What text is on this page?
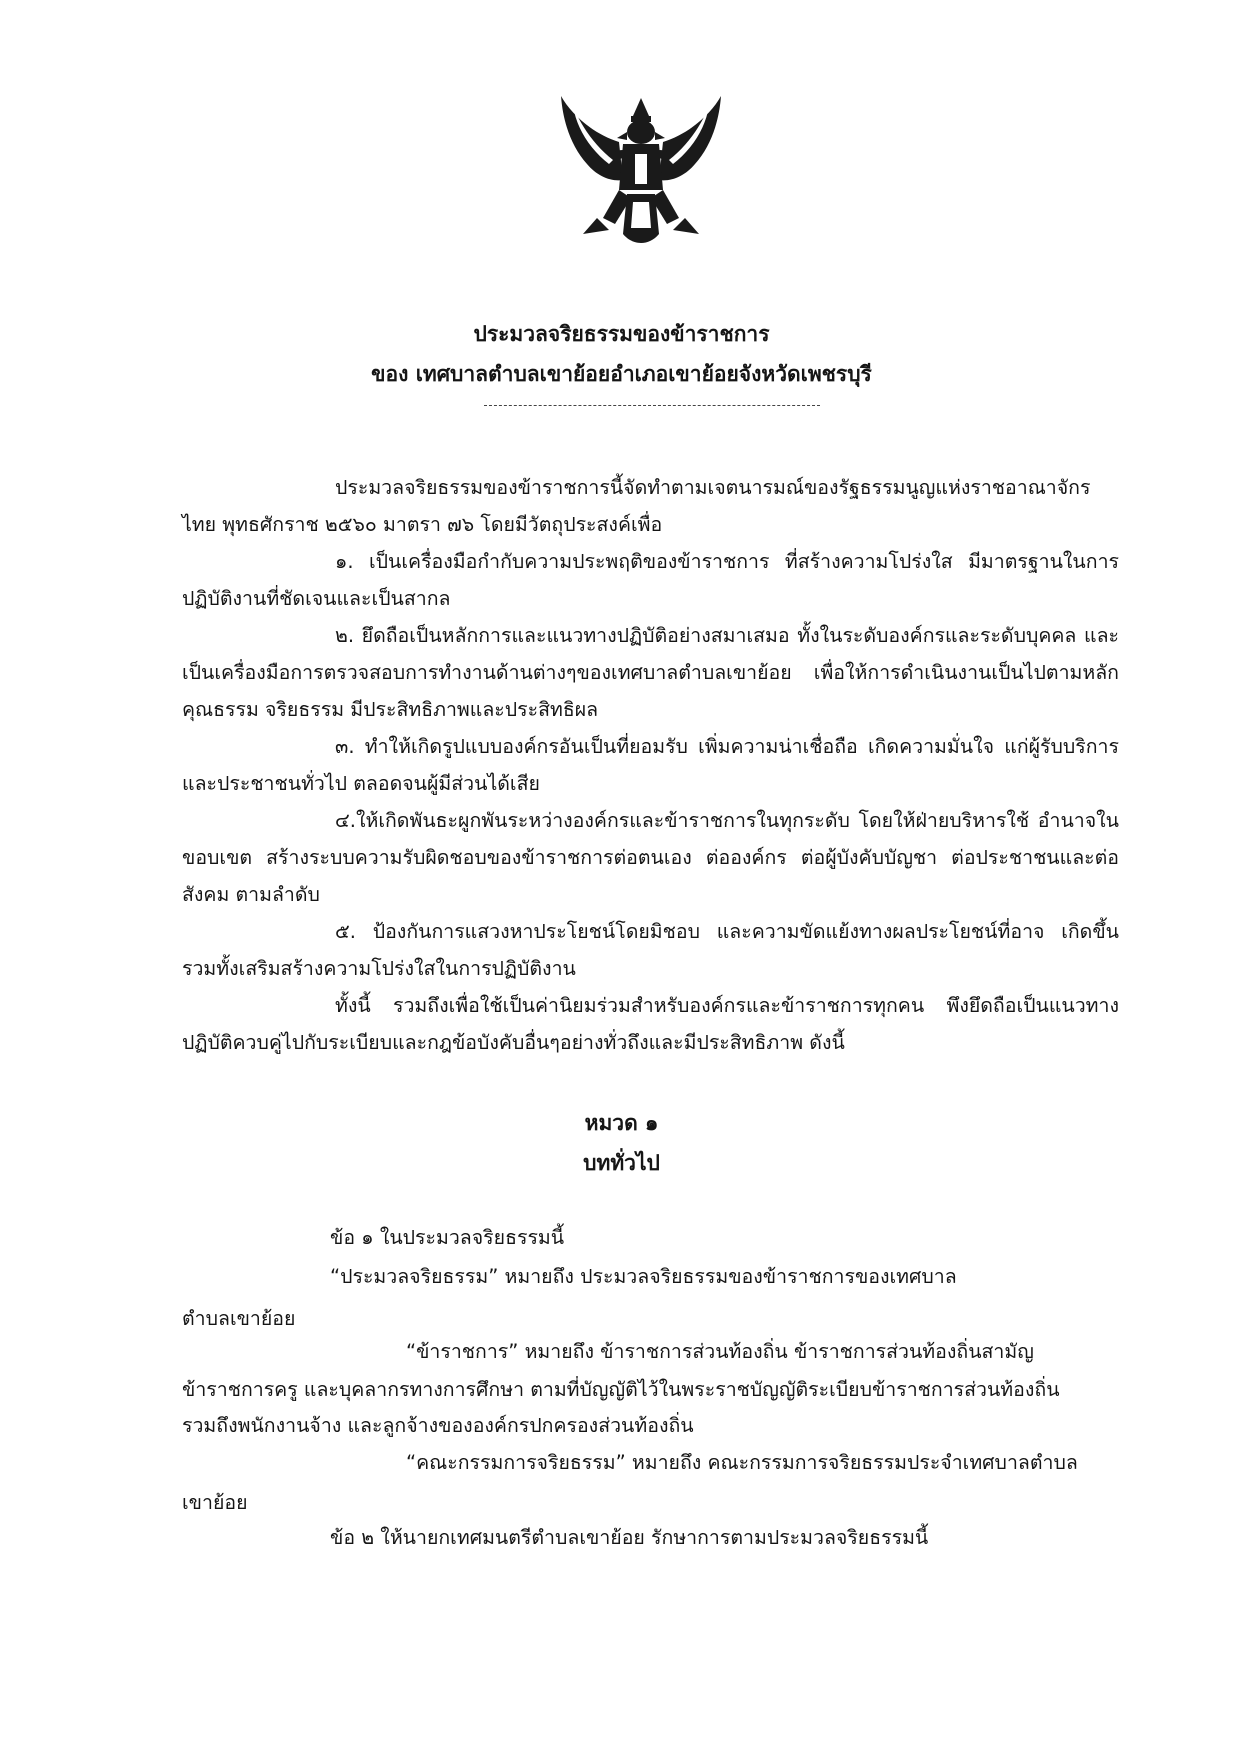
ประมวลจริยธรรมของข้าราชการ
ของ เทศบาลตำบลเขาย้อยอำเภอเขาย้อยจังหวัดเพชรบุรี

ประมวลจริยธรรมของข้าราชการนี้จัดทำตามเจตนารมณ์ของรัฐธรรมนูญแห่งราชอาณาจักรไทย พุทธศักราช ๒๕๖๐ มาตรา ๗๖ โดยมีวัตถุประสงค์เพื่อ

๑. เป็นเครื่องมือกำกับความประพฤติของข้าราชการ ที่สร้างความโปร่งใส มีมาตรฐานในการปฏิบัติงานที่ชัดเจนและเป็นสากล

๒. ยึดถือเป็นหลักการและแนวทางปฏิบัติอย่างสมาเสมอ ทั้งในระดับองค์กรและระดับบุคคล และเป็นเครื่องมือการตรวจสอบการทำงานด้านต่างๆของเทศบาลตำบลเขาย้อย เพื่อให้การดำเนินงานเป็นไปตามหลักคุณธรรม จริยธรรม มีประสิทธิภาพและประสิทธิผล

๓. ทำให้เกิดรูปแบบองค์กรอันเป็นที่ยอมรับ เพิ่มความน่าเชื่อถือ เกิดความมั่นใจ แก่ผู้รับบริการและประชาชนทั่วไป ตลอดจนผู้มีส่วนได้เสีย

๔.ให้เกิดพันธะผูกพันระหว่างองค์กรและข้าราชการในทุกระดับ โดยให้ฝ่ายบริหารใช้ อำนาจในขอบเขต สร้างระบบความรับผิดชอบของข้าราชการต่อตนเอง ต่อองค์กร ต่อผู้บังคับบัญชา ต่อประชาชนและต่อสังคม ตามลำดับ

๕. ป้องกันการแสวงหาประโยชน์โดยมิชอบ และความขัดแย้งทางผลประโยชน์ที่อาจ เกิดขึ้นรวมทั้งเสริมสร้างความโปร่งใสในการปฏิบัติงาน

ทั้งนี้ รวมถึงเพื่อใช้เป็นค่านิยมร่วมสำหรับองค์กรและข้าราชการทุกคน พึงยึดถือเป็นแนวทางปฏิบัติควบคู่ไปกับระเบียบและกฎข้อบังคับอื่นๆอย่างทั่วถึงและมีประสิทธิภาพ ดังนี้

หมวด ๑
บททั่วไป

ข้อ ๑ ในประมวลจริยธรรมนี้

“ประมวลจริยธรรม” หมายถึง ประมวลจริยธรรมของข้าราชการของเทศบาล

ตำบลเขาย้อย

“ข้าราชการ” หมายถึง ข้าราชการส่วนท้องถิ่น ข้าราชการส่วนท้องถิ่นสามัญ

ข้าราชการครู และบุคลากรทางการศึกษา ตามที่บัญญัติไว้ในพระราชบัญญัติระเบียบข้าราชการส่วนท้องถิ่น

รวมถึงพนักงานจ้าง และลูกจ้างขององค์กรปกครองส่วนท้องถิ่น

“คณะกรรมการจริยธรรม” หมายถึง คณะกรรมการจริยธรรมประจำเทศบาลตำบล

เขาย้อย

ข้อ ๒ ให้นายกเทศมนตรีตำบลเขาย้อย รักษาการตามประมวลจริยธรรมนี้
